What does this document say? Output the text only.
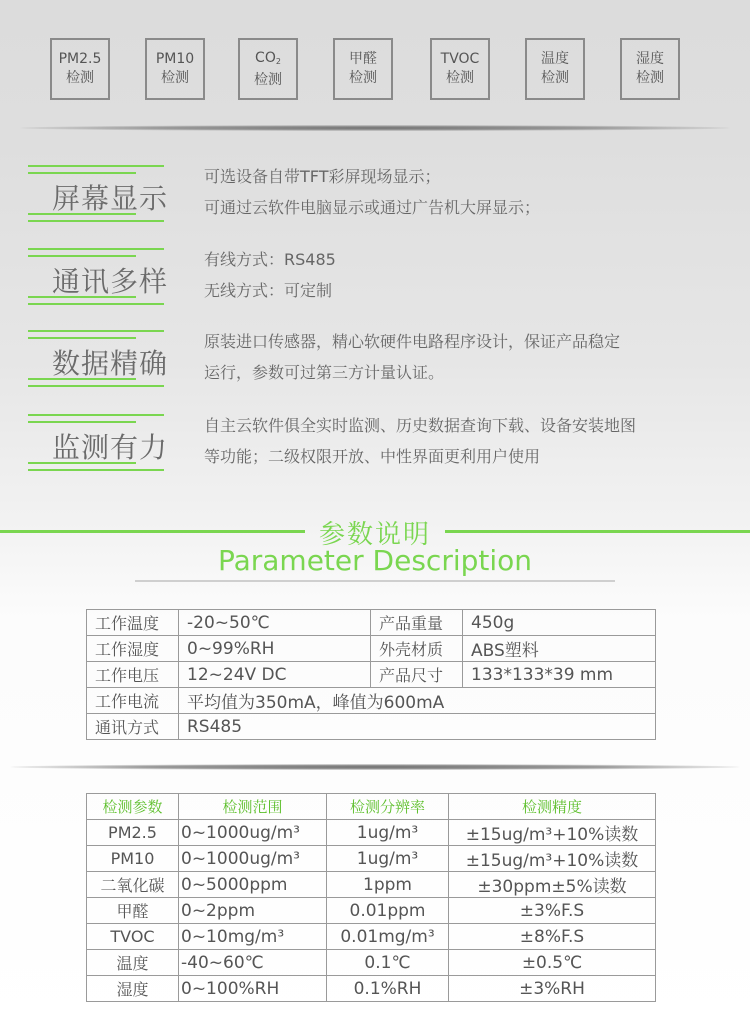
PM2.5
检测
PM10
检测
$CO_2$
检测
甲醛
检测
TVOC
检测
温度
检测
湿度
检测
屏幕显示
可选设备自带TFT彩屏现场显示；
可通过云软件电脑显示或通过广告机大屏显示；
通讯多样
有线方式：RS485
无线方式：可定制
数据精确
原装进口传感器，精心软硬件电路程序设计，保证产品稳定
运行，参数可过第三方计量认证。
监测有力
自主云软件俱全实时监测、历史数据查询下载、设备安装地图
等功能；二级权限开放、中性界面更利用户使用
参数说明
Parameter Description
工作温度	-20~50℃	产品重量	450g
工作湿度	0~99%RH	外壳材质	ABS塑料
工作电压	12~24V DC	产品尺寸	133*133*39 mm
工作电流	平均值为350mA，峰值为600mA		
通讯方式	RS485		
检测参数	检测范围	检测分辨率	检测精度
PM2.5	0~1000ug/m³	1ug/m³	±15ug/m³+10%读数
PM10	0~1000ug/m³	1ug/m³	±15ug/m³+10%读数
二氧化碳	0~5000ppm	1ppm	±30ppm±5%读数
甲醛	0~2ppm	0.01ppm	±3%F.S
TVOC	0~10mg/m³	0.01mg/m³	±8%F.S
温度	-40~60℃	0.1℃	±0.5℃
湿度	0~100%RH	0.1%RH	±3%RH
